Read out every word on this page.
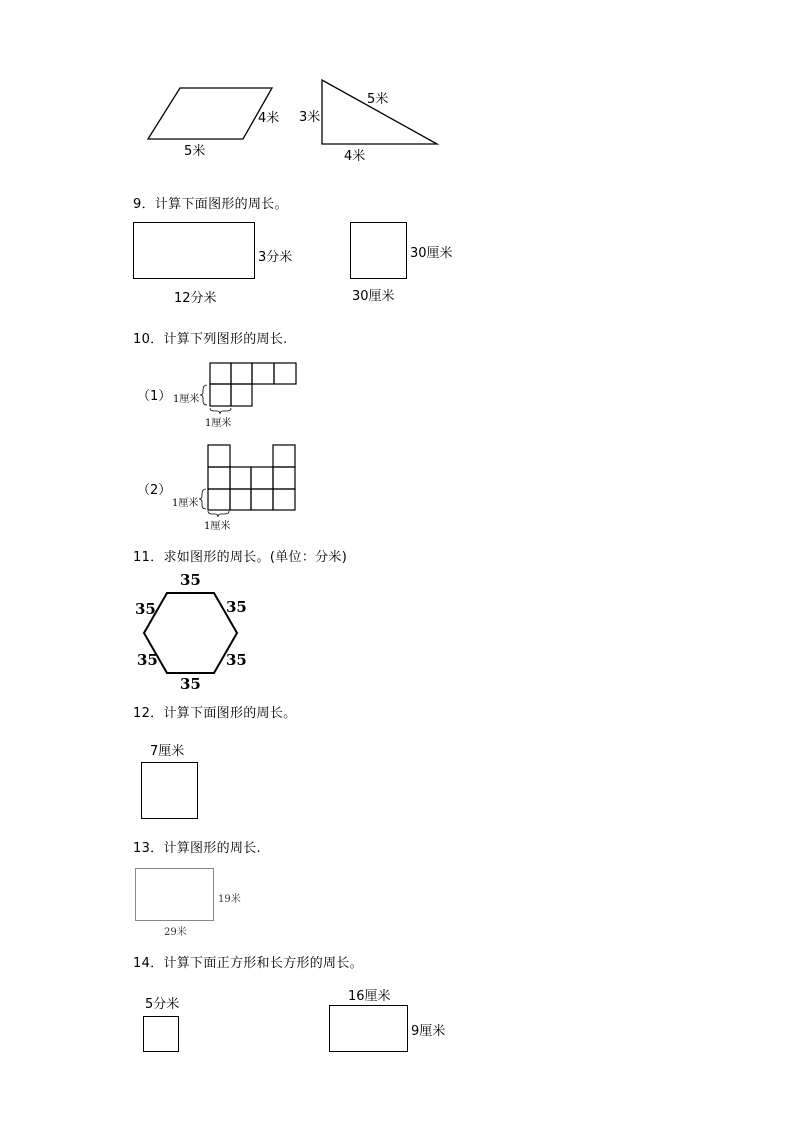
4米
5米
3米
5米
4米
9．计算下面图形的周长。
3分米
12分米
30厘米
30厘米
10．计算下列图形的周长.
（1） 1厘米
1厘米
（2）
1厘米
1厘米
11．求如图形的周长。(单位：分米)
35
35
35
35
35
35
12．计算下面图形的周长。
7厘米
13．计算图形的周长.
19米
29米
14．计算下面正方形和长方形的周长。
5分米
16厘米
9厘米
